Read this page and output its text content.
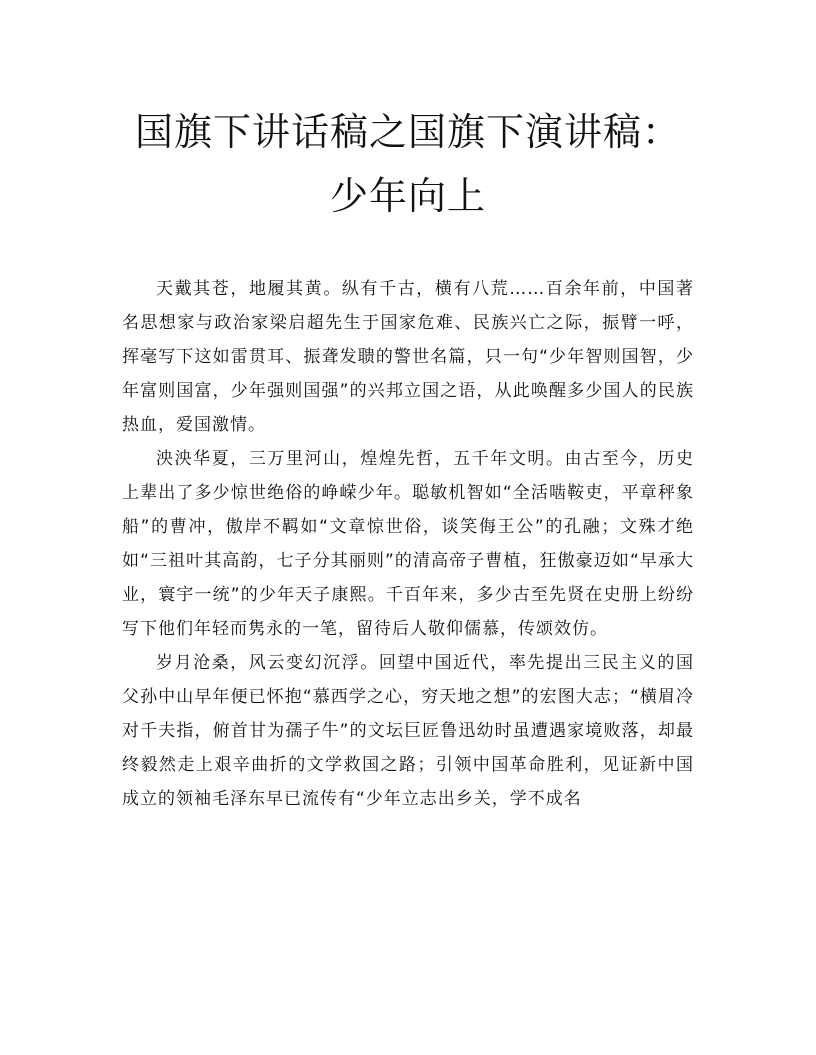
国旗下讲话稿之国旗下演讲稿：少年向上

天戴其苍，地履其黄。纵有千古，横有八荒……百余年前，中国著名思想家与政治家梁启超先生于国家危难、民族兴亡之际，振臂一呼，挥毫写下这如雷贯耳、振聋发聩的警世名篇，只一句“少年智则国智，少年富则国富，少年强则国强”的兴邦立国之语，从此唤醒多少国人的民族热血，爱国激情。

泱泱华夏，三万里河山，煌煌先哲，五千年文明。由古至今，历史上辈出了多少惊世绝俗的峥嵘少年。聪敏机智如“全活啮鞍吏，平章秤象船”的曹冲，傲岸不羁如“文章惊世俗，谈笑侮王公”的孔融；文殊才绝如“三祖叶其高韵，七子分其丽则”的清高帝子曹植，狂傲豪迈如“早承大业，寰宇一统”的少年天子康熙。千百年来，多少古至先贤在史册上纷纷写下他们年轻而隽永的一笔，留待后人敬仰儒慕，传颂效仿。

岁月沧桑，风云变幻沉浮。回望中国近代，率先提出三民主义的国父孙中山早年便已怀抱“慕西学之心，穷天地之想”的宏图大志；“横眉冷对千夫指，俯首甘为孺子牛”的文坛巨匠鲁迅幼时虽遭遇家境败落，却最终毅然走上艰辛曲折的文学救国之路；引领中国革命胜利，见证新中国成立的领袖毛泽东早已流传有“少年立志出乡关，学不成名
